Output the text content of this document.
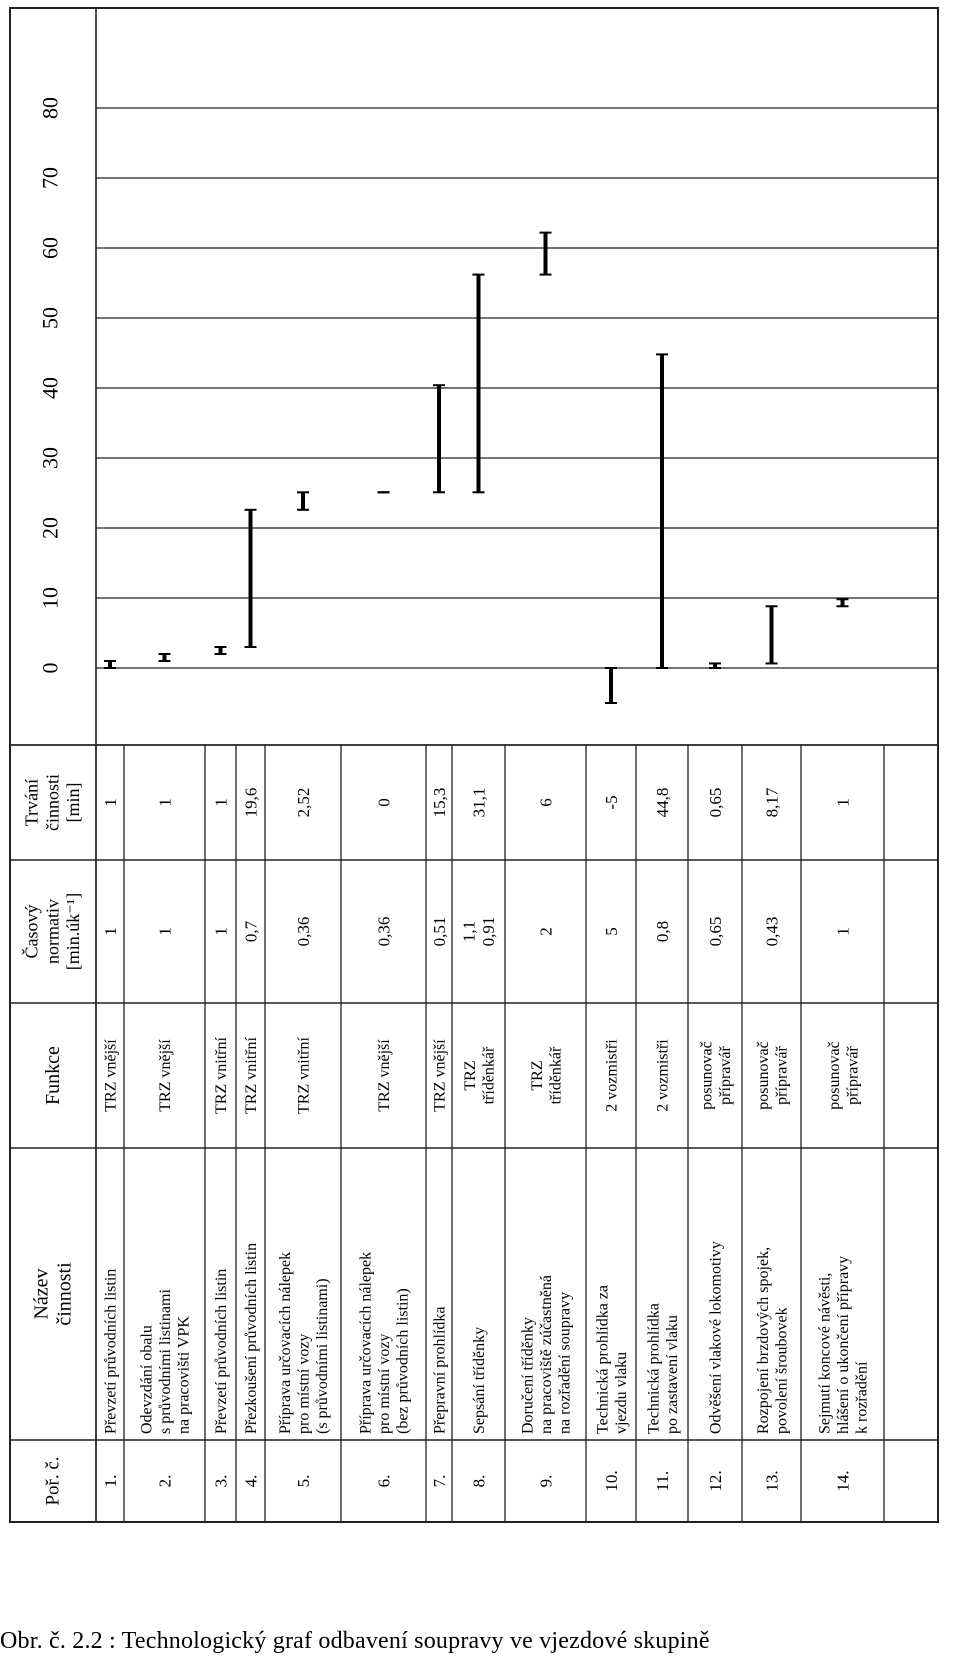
0
10
20
30
40
50
60
70
80
Poř. č.
Název činnosti
Funkce
Časový normativ [min.úk⁻¹]
Trvání činnosti [min]
1.
Převzetí průvodních listin
TRZ vnější
1
1
2.
Odevzdání obalu s průvodními listinami na pracovišti VPK
TRZ vnější
1
1
3.
Převzetí průvodních listin
TRZ vnitřní
1
1
4.
Přezkoušení průvodních listin
TRZ vnitřní
0,7
19,6
5.
Příprava určovacích nálepek pro místní vozy (s průvodními listinami)
TRZ vnitřní
0,36
2,52
6.
Příprava určovacích nálepek pro místní vozy (bez průvodních listin)
TRZ vnější
0,36
0
7.
Přepravní prohlídka
TRZ vnější
0,51
15,3
8.
Sepsání tříděnky
TRZ tříděnkář
1,1 0,91
31,1
9.
Doručení tříděnky na pracoviště zúčastněná na rozřadění soupravy
TRZ tříděnkář
2
6
10.
Technická prohlídka za vjezdu vlaku
2 vozmistři
5
-5
11.
Technická prohlídka po zastavení vlaku
2 vozmistři
0,8
44,8
12.
Odvěšení vlakové lokomotivy
posunovač přípravář
0,65
0,65
13.
Rozpojení brzdových spojek, povolení šroubovek
posunovač přípravář
0,43
8,17
14.
Sejmutí koncové návěsti, hlášení o ukončení přípravy k rozřadění
posunovač přípravář
1
1
Obr. č. 2.2 : Technologický graf odbavení soupravy ve vjezdové skupině
